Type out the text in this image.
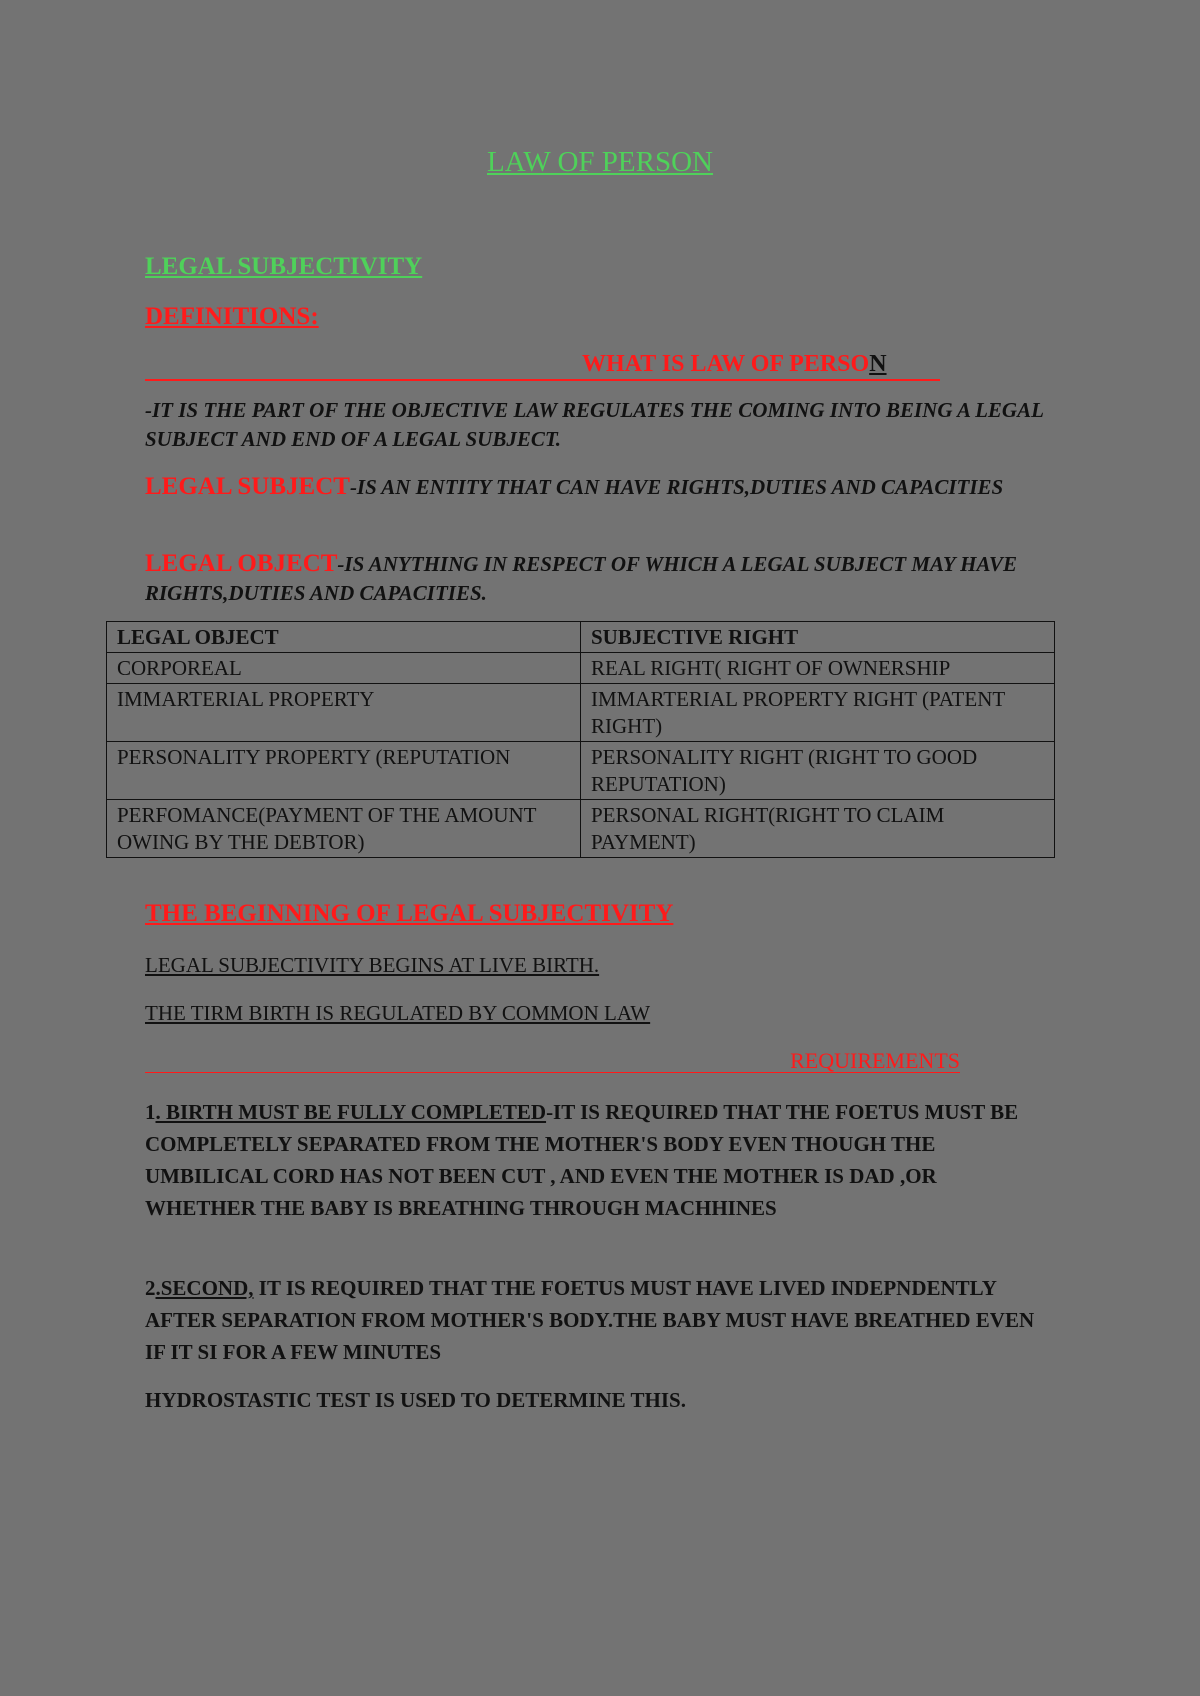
LAW OF PERSON
LEGAL SUBJECTIVITY
DEFINITIONS:
WHAT IS LAW OF PERSON

-IT IS THE PART OF THE OBJECTIVE LAW REGULATES THE COMING INTO BEING A LEGAL SUBJECT AND END OF A LEGAL SUBJECT.

LEGAL SUBJECT-IS AN ENTITY THAT CAN HAVE RIGHTS,DUTIES AND CAPACITIES

LEGAL OBJECT-IS ANYTHING IN RESPECT OF WHICH A LEGAL SUBJECT MAY HAVE RIGHTS,DUTIES AND CAPACITIES.

LEGAL OBJECT	SUBJECTIVE RIGHT
CORPOREAL	REAL RIGHT( RIGHT OF OWNERSHIP
IMMARTERIAL PROPERTY	IMMARTERIAL PROPERTY RIGHT (PATENT RIGHT)
PERSONALITY PROPERTY (REPUTATION	PERSONALITY RIGHT (RIGHT TO GOOD REPUTATION)
PERFOMANCE(PAYMENT OF THE AMOUNT OWING BY THE DEBTOR)	PERSONAL RIGHT(RIGHT TO CLAIM PAYMENT)
THE BEGINNING OF LEGAL SUBJECTIVITY
LEGAL SUBJECTIVITY BEGINS AT LIVE BIRTH.
THE TIRM BIRTH IS REGULATED BY COMMON LAW
REQUIREMENTS

1. BIRTH MUST BE FULLY COMPLETED-IT IS REQUIRED THAT THE FOETUS MUST BE COMPLETELY SEPARATED FROM THE MOTHER'S BODY EVEN THOUGH THE UMBILICAL CORD HAS NOT BEEN CUT , AND EVEN THE MOTHER IS DAD ,OR WHETHER THE BABY IS BREATHING THROUGH MACHHINES

2.SECOND, IT IS REQUIRED THAT THE FOETUS MUST HAVE LIVED INDEPNDENTLY AFTER SEPARATION FROM MOTHER'S BODY.THE BABY MUST HAVE BREATHED EVEN IF IT SI FOR A FEW MINUTES

HYDROSTASTIC TEST IS USED TO DETERMINE THIS.
